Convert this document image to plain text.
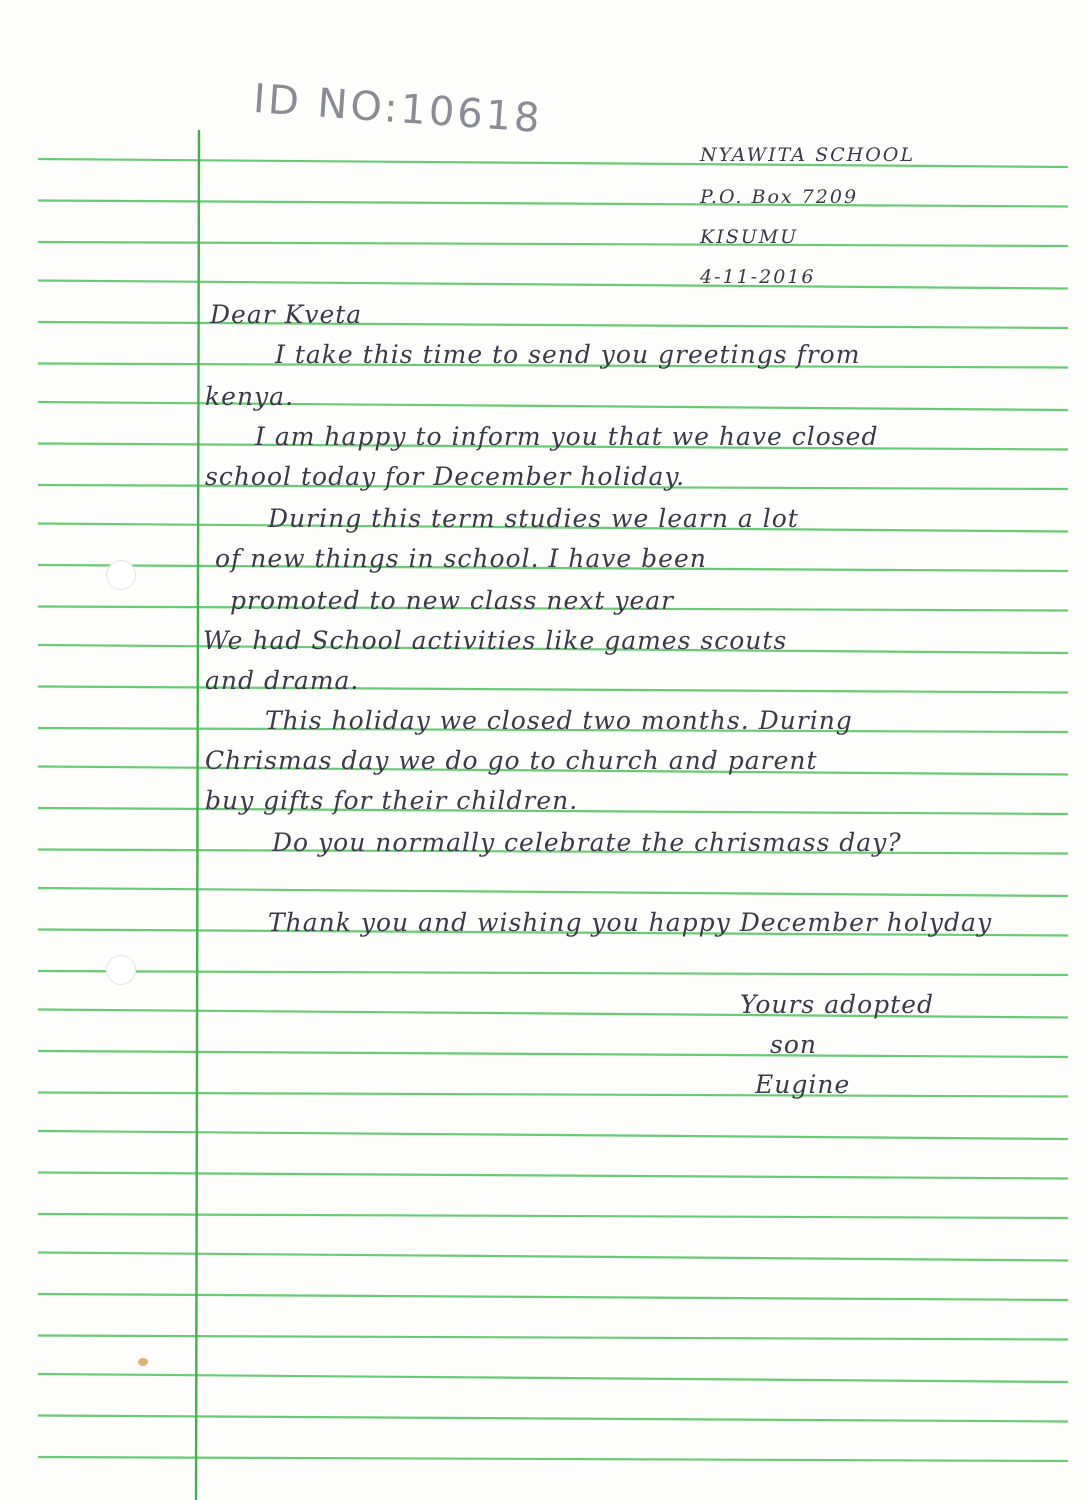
ID NO:10618
NYAWITA SCHOOL
P.O. Box 7209
KISUMU
4-11-2016
Dear Kveta
I take this time to send you greetings from
kenya.
I am happy to inform you that we have closed
school today for December holiday.
During this term studies we learn a lot
of new things in school. I have been
promoted to new class next year
We had School activities like games scouts
and drama.
This holiday we closed two months. During
Chrismas day we do go to church and parent
buy gifts for their children.
Do you normally celebrate the chrismass day?
Thank you and wishing you happy December holyday
Yours adopted
son
Eugine
